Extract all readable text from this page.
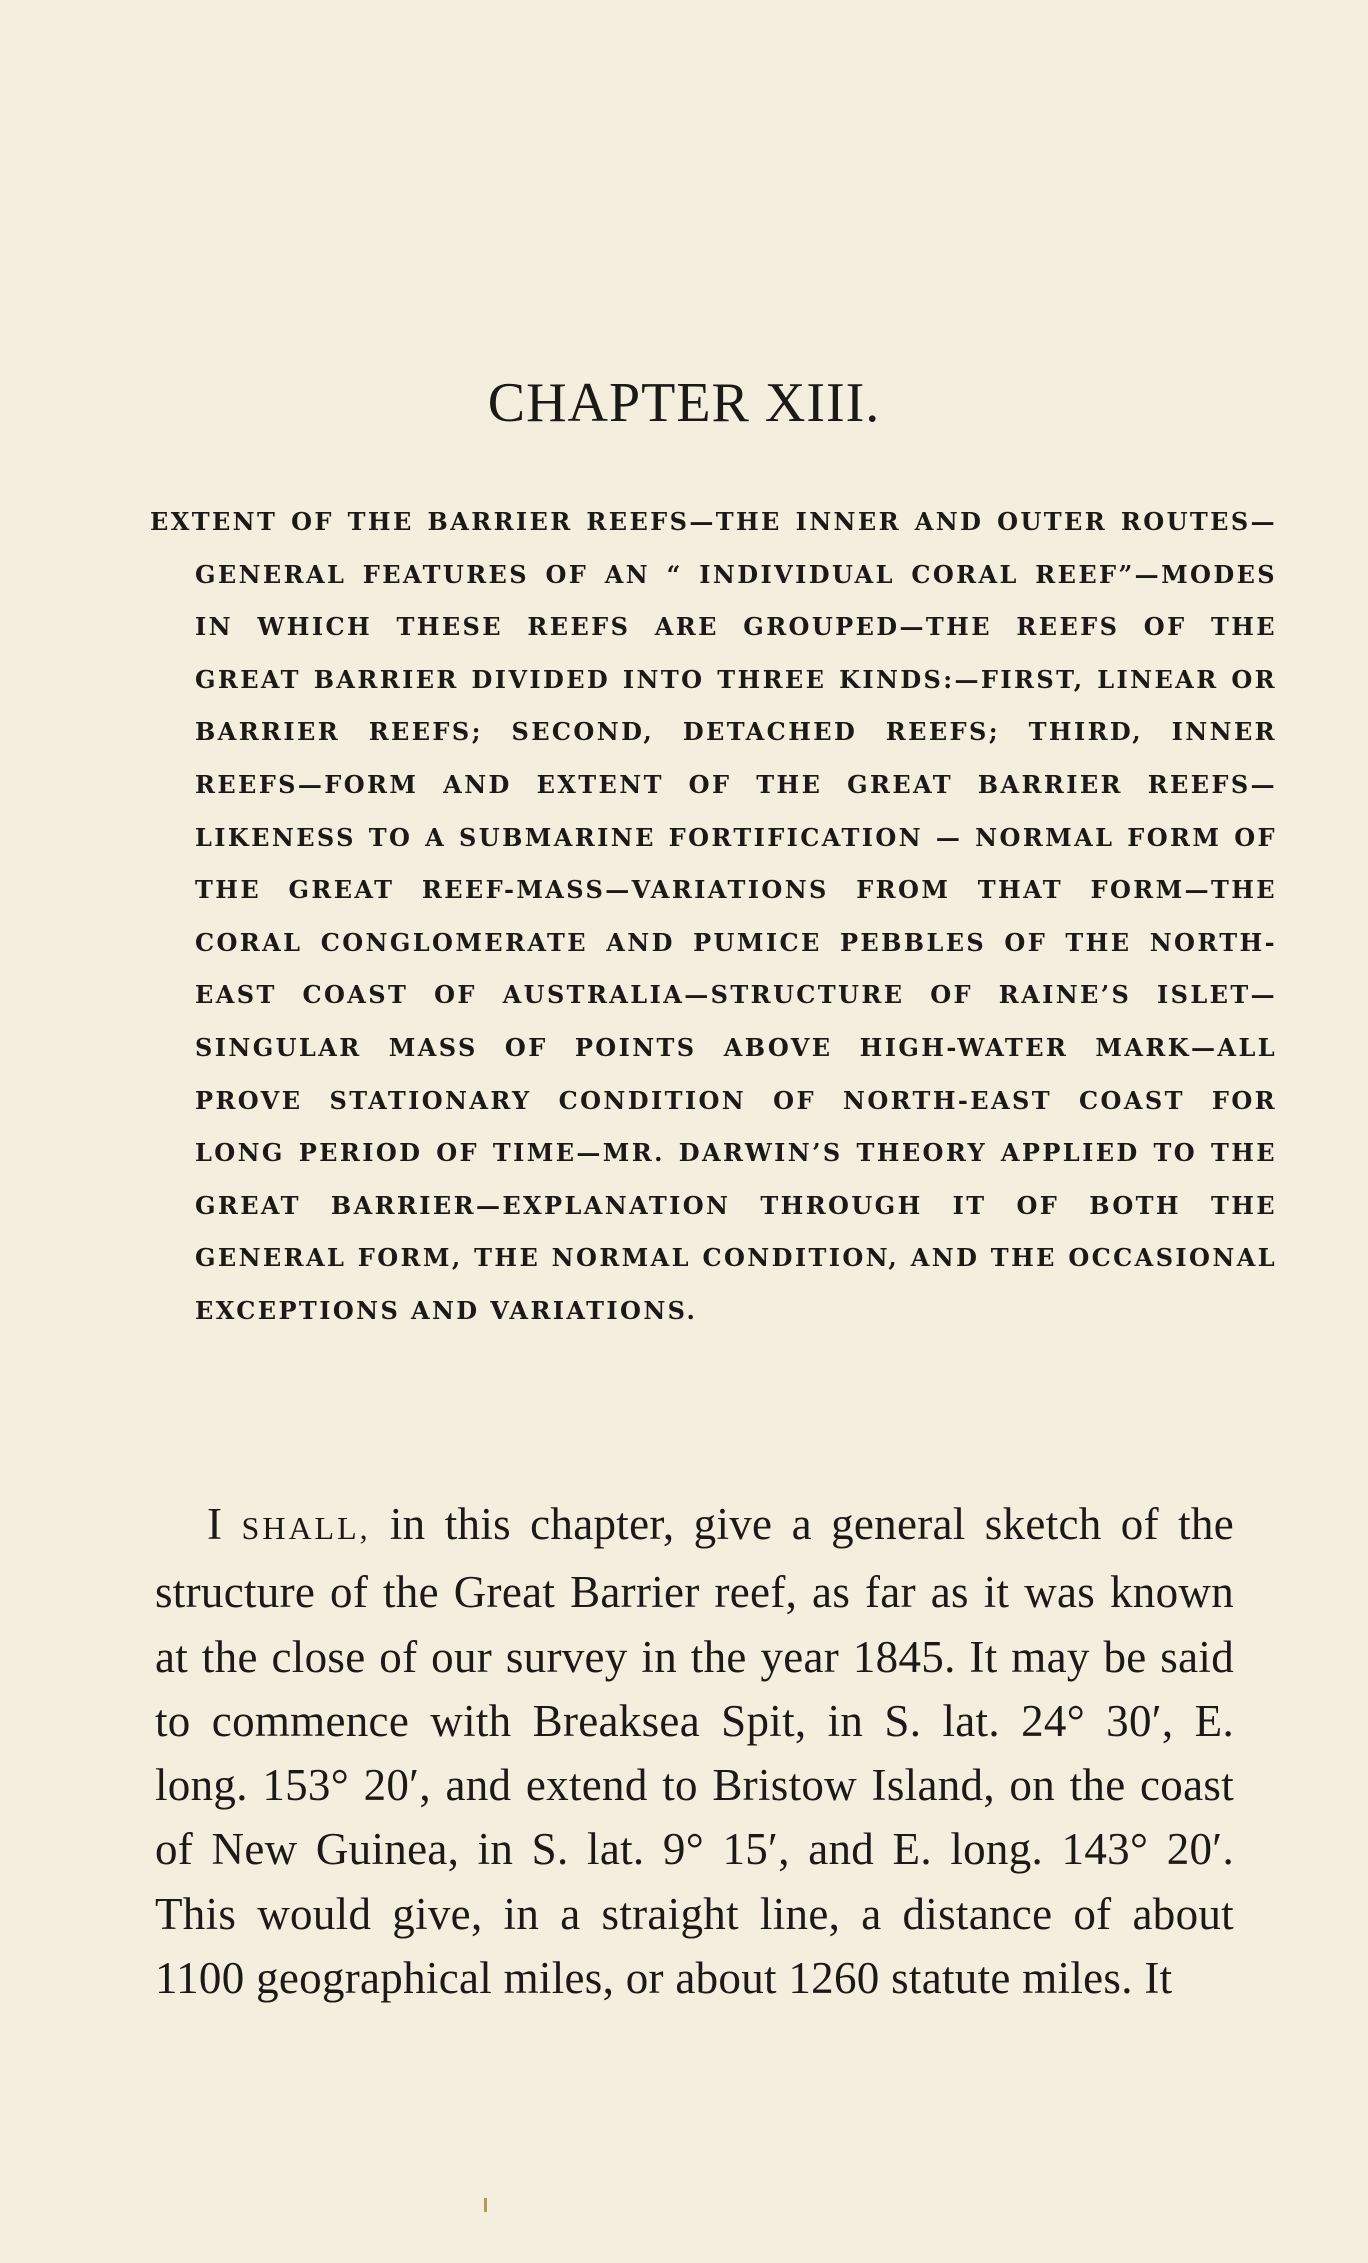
CHAPTER XIII.

EXTENT OF THE BARRIER REEFS—THE INNER AND OUTER ROUTES—GENERAL FEATURES OF AN “ INDIVIDUAL CORAL REEF”—MODES IN WHICH THESE REEFS ARE GROUPED—THE REEFS OF THE GREAT BARRIER DIVIDED INTO THREE KINDS:—FIRST, LINEAR OR BARRIER REEFS; SECOND, DETACHED REEFS; THIRD, INNER REEFS—FORM AND EXTENT OF THE GREAT BARRIER REEFS—LIKENESS TO A SUBMARINE FORTIFICATION — NORMAL FORM OF THE GREAT REEF-MASS—VARIATIONS FROM THAT FORM—THE CORAL CONGLOMERATE AND PUMICE PEBBLES OF THE NORTH-EAST COAST OF AUSTRALIA—STRUCTURE OF RAINE’S ISLET—SINGULAR MASS OF POINTS ABOVE HIGH-WATER MARK—ALL PROVE STATIONARY CONDITION OF NORTH-EAST COAST FOR LONG PERIOD OF TIME—MR. DARWIN’S THEORY APPLIED TO THE GREAT BARRIER—EXPLANATION THROUGH IT OF BOTH THE GENERAL FORM, THE NORMAL CONDITION, AND THE OCCASIONAL EXCEPTIONS AND VARIATIONS.

I SHALL, in this chapter, give a general sketch of the structure of the Great Barrier reef, as far as it was known at the close of our survey in the year 1845. It may be said to commence with Breaksea Spit, in S. lat. 24° 30′, E. long. 153° 20′, and extend to Bristow Island, on the coast of New Guinea, in S. lat. 9° 15′, and E. long. 143° 20′. This would give, in a straight line, a distance of about 1100 geographical miles, or about 1260 statute miles. It
